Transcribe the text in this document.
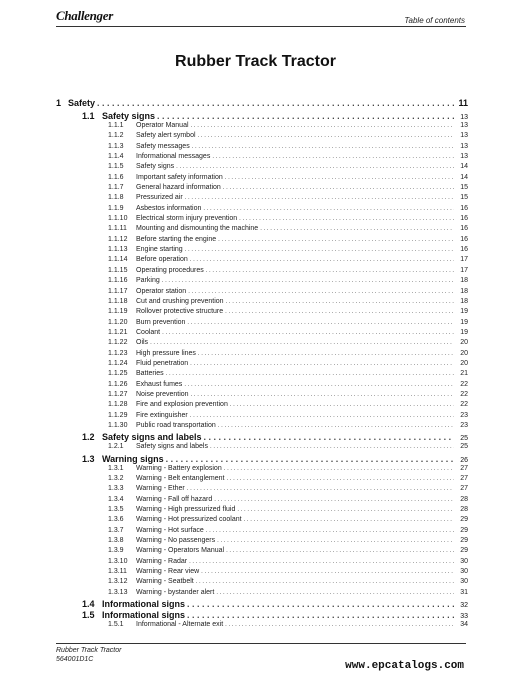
Challenger	Table of contents
Rubber Track Tractor
1 Safety . . .	11
1.1 Safety signs . . .	13
1.1.1	Operator Manual . . .	13
1.1.2	Safety alert symbol . . .	13
1.1.3	Safety messages . . .	13
1.1.4	Informational messages . . .	13
1.1.5	Safety signs . . .	14
1.1.6	Important safety information . . .	14
1.1.7	General hazard information . . .	15
1.1.8	Pressurized air . . .	15
1.1.9	Asbestos information . . .	16
1.1.10	Electrical storm injury prevention . . .	16
1.1.11	Mounting and dismounting the machine . . .	16
1.1.12	Before starting the engine . . .	16
1.1.13	Engine starting . . .	16
1.1.14	Before operation . . .	17
1.1.15	Operating procedures . . .	17
1.1.16	Parking . . .	18
1.1.17	Operator station . . .	18
1.1.18	Cut and crushing prevention . . .	18
1.1.19	Rollover protective structure . . .	19
1.1.20	Burn prevention . . .	19
1.1.21	Coolant . . .	19
1.1.22	Oils . . .	20
1.1.23	High pressure lines . . .	20
1.1.24	Fluid penetration . . .	20
1.1.25	Batteries . . .	21
1.1.26	Exhaust fumes . . .	22
1.1.27	Noise prevention . . .	22
1.1.28	Fire and explosion prevention . . .	22
1.1.29	Fire extinguisher . . .	23
1.1.30	Public road transportation . . .	23
1.2 Safety signs and labels . . .	25
1.2.1	Safety signs and labels . . .	25
1.3 Warning signs . . .	26
1.3.1	Warning - Battery explosion . . .	27
1.3.2	Warning - Belt entanglement . . .	27
1.3.3	Warning - Ether . . .	27
1.3.4	Warning - Fall off hazard . . .	28
1.3.5	Warning - High pressurized fluid . . .	28
1.3.6	Warning - Hot pressurized coolant . . .	29
1.3.7	Warning - Hot surface . . .	29
1.3.8	Warning - No passengers . . .	29
1.3.9	Warning - Operators Manual . . .	29
1.3.10	Warning - Radar . . .	30
1.3.11	Warning - Rear view . . .	30
1.3.12	Warning - Seatbelt . . .	30
1.3.13	Warning - bystander alert . . .	31
1.4 Informational signs . . .	32
1.5 Informational signs . . .	33
1.5.1	Informational - Alternate exit . . .	34
Rubber Track Tractor
564001D1C
www.epcatalogs.com
